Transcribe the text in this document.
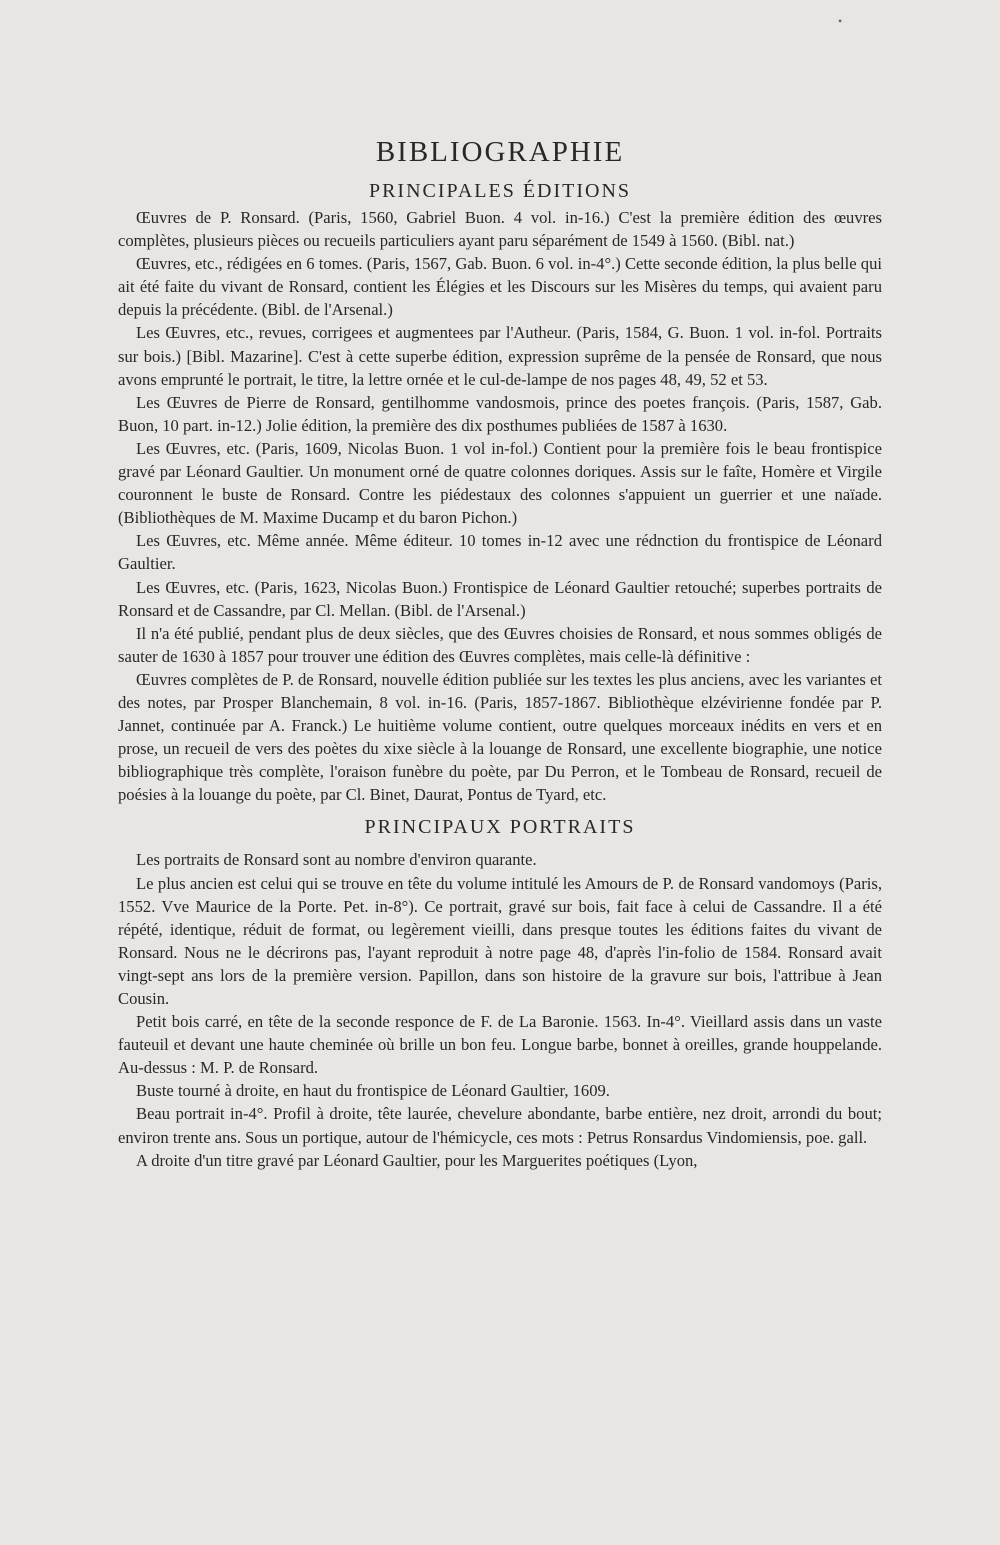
•
BIBLIOGRAPHIE
PRINCIPALES ÉDITIONS

Œuvres de P. Ronsard. (Paris, 1560, Gabriel Buon. 4 vol. in-16.) C'est la première édition des œuvres complètes, plusieurs pièces ou recueils particuliers ayant paru séparément de 1549 à 1560. (Bibl. nat.)

Œuvres, etc., rédigées en 6 tomes. (Paris, 1567, Gab. Buon. 6 vol. in-4°.) Cette seconde édition, la plus belle qui ait été faite du vivant de Ronsard, contient les Élégies et les Discours sur les Misères du temps, qui avaient paru depuis la précédente. (Bibl. de l'Arsenal.)

Les Œuvres, etc., revues, corrigees et augmentees par l'Autheur. (Paris, 1584, G. Buon. 1 vol. in-fol. Portraits sur bois.) [Bibl. Mazarine]. C'est à cette superbe édition, expression suprême de la pensée de Ronsard, que nous avons emprunté le portrait, le titre, la lettre ornée et le cul-de-lampe de nos pages 48, 49, 52 et 53.

Les Œuvres de Pierre de Ronsard, gentilhomme vandosmois, prince des poetes françois. (Paris, 1587, Gab. Buon, 10 part. in-12.) Jolie édition, la première des dix posthumes publiées de 1587 à 1630.

Les Œuvres, etc. (Paris, 1609, Nicolas Buon. 1 vol in-fol.) Contient pour la première fois le beau frontispice gravé par Léonard Gaultier. Un monument orné de quatre colonnes doriques. Assis sur le faîte, Homère et Virgile couronnent le buste de Ronsard. Contre les piédestaux des colonnes s'appuient un guerrier et une naïade. (Bibliothèques de M. Maxime Ducamp et du baron Pichon.)

Les Œuvres, etc. Même année. Même éditeur. 10 tomes in-12 avec une rédnction du frontispice de Léonard Gaultier.

Les Œuvres, etc. (Paris, 1623, Nicolas Buon.) Frontispice de Léonard Gaultier retouché; superbes portraits de Ronsard et de Cassandre, par Cl. Mellan. (Bibl. de l'Arsenal.)

Il n'a été publié, pendant plus de deux siècles, que des Œuvres choisies de Ronsard, et nous sommes obligés de sauter de 1630 à 1857 pour trouver une édition des Œuvres complètes, mais celle-là définitive :

Œuvres complètes de P. de Ronsard, nouvelle édition publiée sur les textes les plus anciens, avec les variantes et des notes, par Prosper Blanchemain, 8 vol. in-16. (Paris, 1857-1867. Bibliothèque elzévirienne fondée par P. Jannet, continuée par A. Franck.) Le huitième volume contient, outre quelques morceaux inédits en vers et en prose, un recueil de vers des poètes du xixe siècle à la louange de Ronsard, une excellente biographie, une notice bibliographique très complète, l'oraison funèbre du poète, par Du Perron, et le Tombeau de Ronsard, recueil de poésies à la louange du poète, par Cl. Binet, Daurat, Pontus de Tyard, etc.

PRINCIPAUX PORTRAITS

Les portraits de Ronsard sont au nombre d'environ quarante.

Le plus ancien est celui qui se trouve en tête du volume intitulé les Amours de P. de Ronsard vandomoys (Paris, 1552. Vve Maurice de la Porte. Pet. in-8°). Ce portrait, gravé sur bois, fait face à celui de Cassandre. Il a été répété, identique, réduit de format, ou legèrement vieilli, dans presque toutes les éditions faites du vivant de Ronsard. Nous ne le décrirons pas, l'ayant reproduit à notre page 48, d'après l'in-folio de 1584. Ronsard avait vingt-sept ans lors de la première version. Papillon, dans son histoire de la gravure sur bois, l'attribue à Jean Cousin.

Petit bois carré, en tête de la seconde responce de F. de La Baronie. 1563. In-4°. Vieillard assis dans un vaste fauteuil et devant une haute cheminée où brille un bon feu. Longue barbe, bonnet à oreilles, grande houppelande. Au-dessus : M. P. de Ronsard.

Buste tourné à droite, en haut du frontispice de Léonard Gaultier, 1609.

Beau portrait in-4°. Profil à droite, tête laurée, chevelure abondante, barbe entière, nez droit, arrondi du bout; environ trente ans. Sous un portique, autour de l'hémicycle, ces mots : Petrus Ronsardus Vindomiensis, poe. gall.

A droite d'un titre gravé par Léonard Gaultier, pour les Marguerites poétiques (Lyon,
